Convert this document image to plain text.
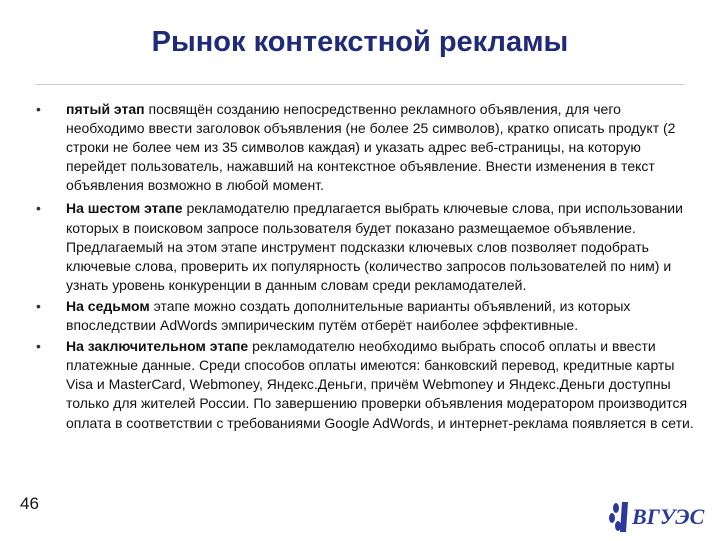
Рынок контекстной рекламы
•	пятый этап посвящён созданию непосредственно рекламного объявления, для чего необходимо ввести заголовок объявления (не более 25 символов), кратко описать продукт (2 строки не более чем из 35 символов каждая) и указать адрес веб-страницы, на которую перейдет пользователь, нажавший на контекстное объявление. Внести изменения в текст объявления возможно в любой момент.
•	На шестом этапе рекламодателю предлагается выбрать ключевые слова, при использовании которых в поисковом запросе пользователя будет показано размещаемое объявление. Предлагаемый на этом этапе инструмент подсказки ключевых слов позволяет подобрать ключевые слова, проверить их популярность (количество запросов пользователей по ним) и узнать уровень конкуренции в данным словам среди рекламодателей.
•	На седьмом этапе можно создать дополнительные варианты объявлений, из которых впоследствии AdWords эмпирическим путём отберёт наиболее эффективные.
•	На заключительном этапе рекламодателю необходимо выбрать способ оплаты и ввести платежные данные. Среди способов оплаты имеются: банковский перевод, кредитные карты Visa и MasterCard, Webmoney, Яндекс.Деньги, причём Webmoney и Яндекс.Деньги доступны только для жителей России. По завершению проверки объявления модератором производится оплата в соответствии с требованиями Google AdWords, и интернет-реклама появляется в сети.
46
ВГУЭС
